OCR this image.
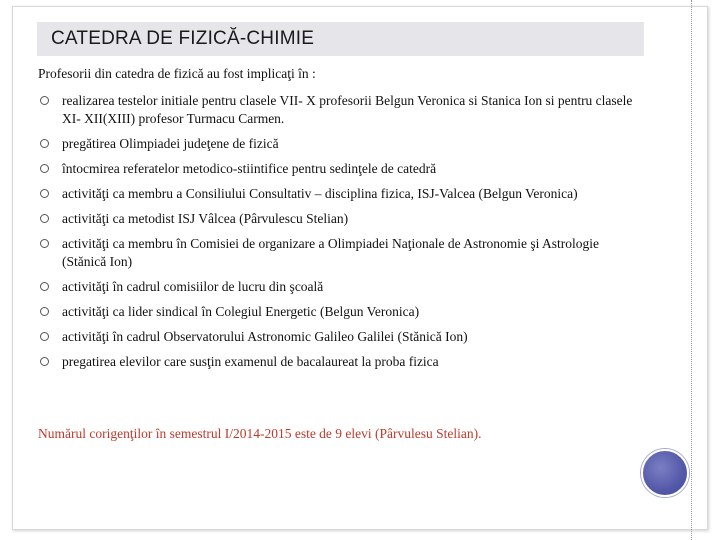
CATEDRA DE FIZICĂ-CHIMIE
Profesorii din catedra de fizică au fost implicaţi în :
realizarea testelor initiale pentru clasele VII- X profesorii Belgun Veronica si Stanica Ion si pentru clasele XI- XII(XIII) profesor Turmacu Carmen.
pregătirea Olimpiadei judeţene de fizică
întocmirea referatelor metodico-stiintifice pentru sedinţele de catedră
activităţi ca membru a Consiliului Consultativ – disciplina fizica, ISJ-Valcea (Belgun Veronica)
activităţi ca metodist ISJ Vâlcea (Pârvulescu Stelian)
activităţi ca membru în Comisiei de organizare a Olimpiadei Naţionale de Astronomie şi Astrologie (Stănică Ion)
activităţi în cadrul comisiilor de lucru din şcoală
activităţi ca lider sindical în Colegiul Energetic (Belgun Veronica)
activităţi în cadrul Observatorului Astronomic Galileo Galilei (Stănică Ion)
pregatirea elevilor care susţin examenul de bacalaureat la proba fizica
Numărul corigenţilor în semestrul I/2014-2015 este de 9 elevi (Pârvulesu Stelian).
